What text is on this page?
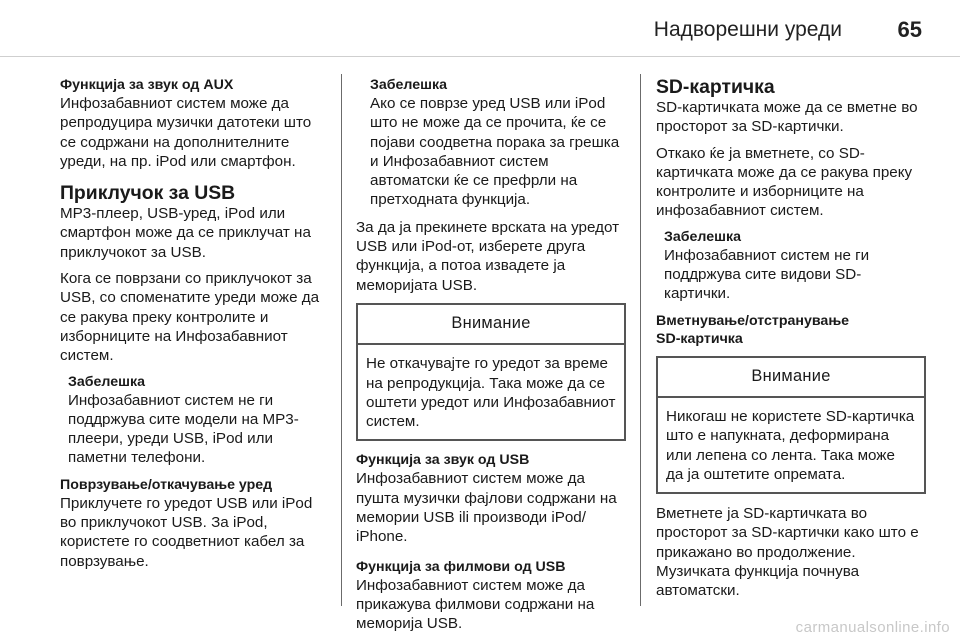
Надворешни уреди	65
Функција за звук од AUX

Инфозабавниот систем може да репродуцира музички датотеки што се содржани на дополнителните уреди, на пр. iPod или смартфон.

Приклучок за USB

MP3-плеер, USB-уред, iPod или смартфон може да се приклучат на приклучокот за USB.

Кога се поврзани со приклучокот за USB, со споменатите уреди може да се ракува преку контролите и изборниците на Инфозабавниот систем.

Забелешка
Инфозабавниот систем не ги поддржува сите модели на MP3-плеери, уреди USB, iPod или паметни телефони.
Поврзување/откачување уред

Приклучете го уредот USB или iPod во приклучокот USB. За iPod, користете го соодветниот кабел за поврзување.

Забелешка
Ако се поврзе уред USB или iPod што не може да се прочита, ќе се појави соодветна порака за грешка и Инфозабавниот систем автоматски ќе се префрли на претходната функција.

За да ја прекинете врската на уредот USB или iPod-от, изберете друга функција, а потоа извадете ја меморијата USB.

Внимание
Не откачувајте го уредот за време на репродукција. Така може да се оштети уредот или Инфозабавниот систем.
Функција за звук од USB

Инфозабавниот систем може да пушта музички фајлови содржани на мемории USB ili производи iPod/ iPhone.

Функција за филмови од USB

Инфозабавниот систем може да прикажува филмови содржани на меморија USB.

SD-картичка

SD-картичката може да се вметне во просторот за SD-картички.

Откако ќе ја вметнете, со SD-картичката може да се ракува преку контролите и изборниците на инфозабавниот систем.

Забелешка
Инфозабавниот систем не ги поддржува сите видови SD-картички.
Вметнување/отстранување
SD-картичка
Внимание
Никогаш не користете SD-картичка што е напукната, деформирана или лепена со лента. Така може да ја оштетите опремата.

Вметнете ја SD-картичката во просторот за SD-картички како што е прикажано во продолжение. Музичката функција почнува автоматски.

carmanualsonline.info
